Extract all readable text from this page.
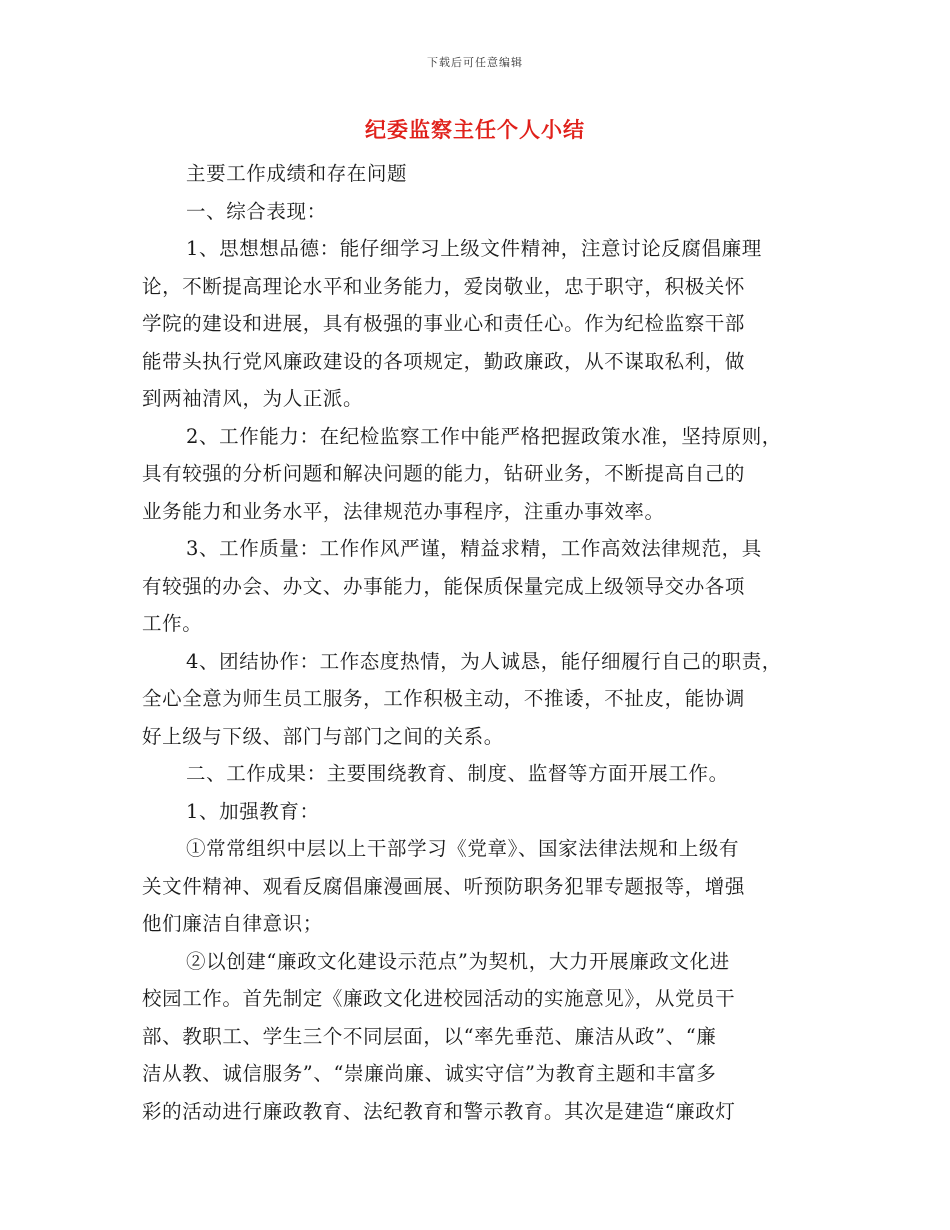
下载后可任意编辑
纪委监察主任个人小结
主要工作成绩和存在问题
一、综合表现：
1、思想想品德：能仔细学习上级文件精神，注意讨论反腐倡廉理
论，不断提高理论水平和业务能力，爱岗敬业，忠于职守，积极关怀
学院的建设和进展，具有极强的事业心和责任心。作为纪检监察干部
能带头执行党风廉政建设的各项规定，勤政廉政，从不谋取私利，做
到两袖清风，为人正派。
2、工作能力：在纪检监察工作中能严格把握政策水准，坚持原则，
具有较强的分析问题和解决问题的能力，钻研业务，不断提高自己的
业务能力和业务水平，法律规范办事程序，注重办事效率。
3、工作质量：工作作风严谨，精益求精，工作高效法律规范，具
有较强的办会、办文、办事能力，能保质保量完成上级领导交办各项
工作。
4、团结协作：工作态度热情，为人诚恳，能仔细履行自己的职责，
全心全意为师生员工服务，工作积极主动，不推诿，不扯皮，能协调
好上级与下级、部门与部门之间的关系。
二、工作成果：主要围绕教育、制度、监督等方面开展工作。
1、加强教育：
①常常组织中层以上干部学习《党章》、国家法律法规和上级有
关文件精神、观看反腐倡廉漫画展、听预防职务犯罪专题报等，增强
他们廉洁自律意识；
②以创建“廉政文化建设示范点”为契机，大力开展廉政文化进
校园工作。首先制定《廉政文化进校园活动的实施意见》，从党员干
部、教职工、学生三个不同层面，以“率先垂范、廉洁从政”、“廉
洁从教、诚信服务”、“崇廉尚廉、诚实守信”为教育主题和丰富多
彩的活动进行廉政教育、法纪教育和警示教育。其次是建造“廉政灯
